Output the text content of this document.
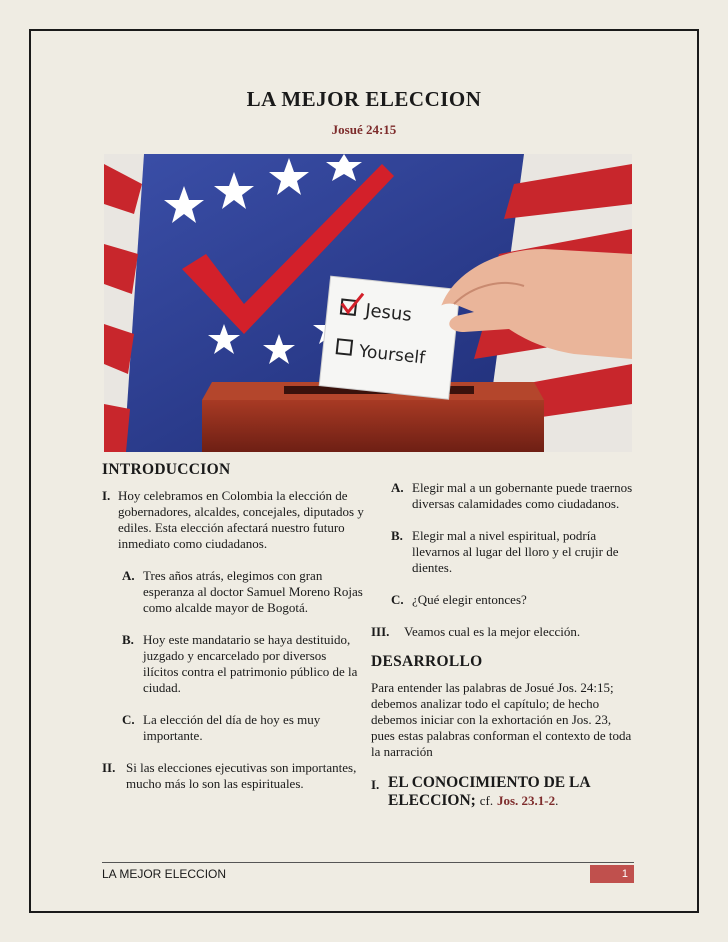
LA MEJOR ELECCION
Josué 24:15
Jesus
Yourself
INTRODUCCION
I. Hoy celebramos en Colombia la elección de gobernadores, alcaldes, concejales, diputados y ediles. Esta elección afectará nuestro futuro inmediato como ciudadanos.
A. Tres años atrás, elegimos con gran esperanza al doctor Samuel Moreno Rojas como alcalde mayor de Bogotá.
B. Hoy este mandatario se haya destituido, juzgado y encarcelado por diversos ilícitos contra el patrimonio público de la ciudad.
C. La elección del día de hoy es muy importante.
II. Si las elecciones ejecutivas son importantes, mucho más lo son las espirituales.
A. Elegir mal a un gobernante puede traernos diversas calamidades como ciudadanos.
B. Elegir mal a nivel espiritual, podría llevarnos al lugar del lloro y el crujir de dientes.
C. ¿Qué elegir entonces?
III.	Veamos cual es la mejor elección.
DESARROLLO

Para entender las palabras de Josué Jos. 24:15; debemos analizar todo el capítulo; de hecho debemos iniciar con la exhortación en Jos. 23, pues estas palabras conforman el contexto de toda la narración

I. EL CONOCIMIENTO DE LA ELECCION; cf. Jos. 23.1-2.
LA MEJOR ELECCION	1
